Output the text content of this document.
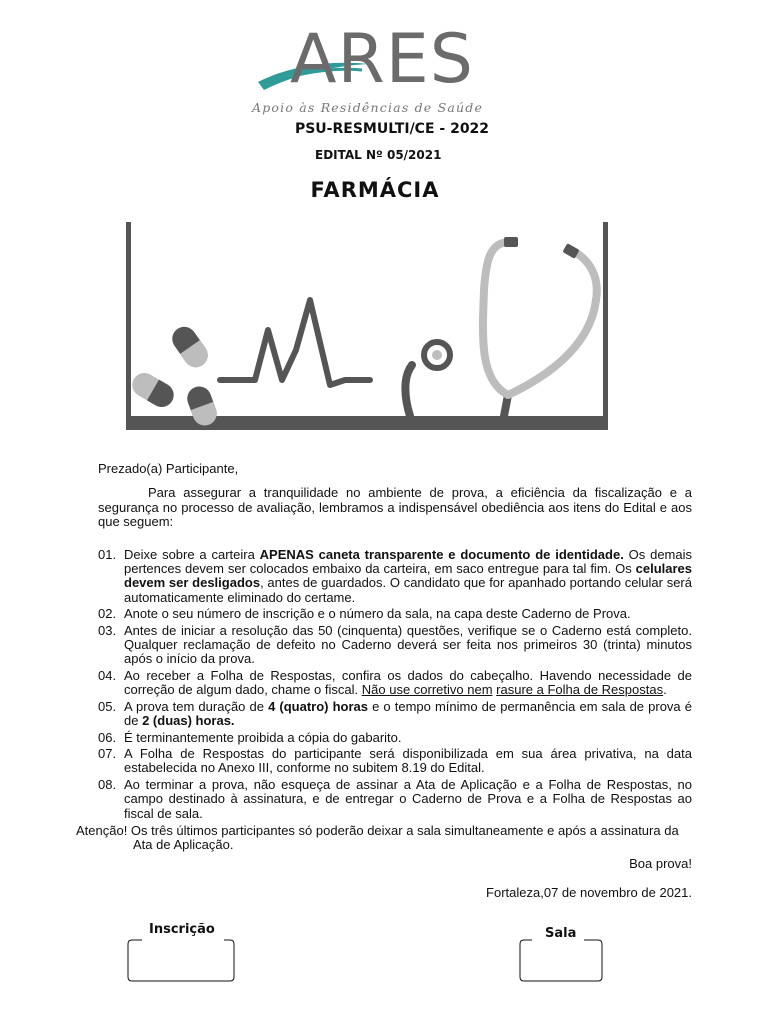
ARES
Apoio às Residências de Saúde
PSU-RESMULTI/CE - 2022
EDITAL Nº 05/2021
FARMÁCIA

Prezado(a) Participante,

Para assegurar a tranquilidade no ambiente de prova, a eficiência da fiscalização e a segurança no processo de avaliação, lembramos a indispensável obediência aos itens do Edital e aos que seguem:

01. Deixe sobre a carteira APENAS caneta transparente e documento de identidade. Os demais pertences devem ser colocados embaixo da carteira, em saco entregue para tal fim. Os celulares devem ser desligados, antes de guardados. O candidato que for apanhado portando celular será automaticamente eliminado do certame.
02. Anote o seu número de inscrição e o número da sala, na capa deste Caderno de Prova.
03. Antes de iniciar a resolução das 50 (cinquenta) questões, verifique se o Caderno está completo. Qualquer reclamação de defeito no Caderno deverá ser feita nos primeiros 30 (trinta) minutos após o início da prova.
04. Ao receber a Folha de Respostas, confira os dados do cabeçalho. Havendo necessidade de correção de algum dado, chame o fiscal. Não use corretivo nem rasure a Folha de Respostas.
05. A prova tem duração de 4 (quatro) horas e o tempo mínimo de permanência em sala de prova é de 2 (duas) horas.
06. É terminantemente proibida a cópia do gabarito.
07. A Folha de Respostas do participante será disponibilizada em sua área privativa, na data estabelecida no Anexo III, conforme no subitem 8.19 do Edital.
08. Ao terminar a prova, não esqueça de assinar a Ata de Aplicação e a Folha de Respostas, no campo destinado à assinatura, e de entregar o Caderno de Prova e a Folha de Respostas ao fiscal de sala.
Atenção! Os três últimos participantes só poderão deixar a sala simultaneamente e após a assinatura da
Ata de Aplicação.
Boa prova!
Fortaleza,07 de novembro de 2021.
Inscrição	Sala
